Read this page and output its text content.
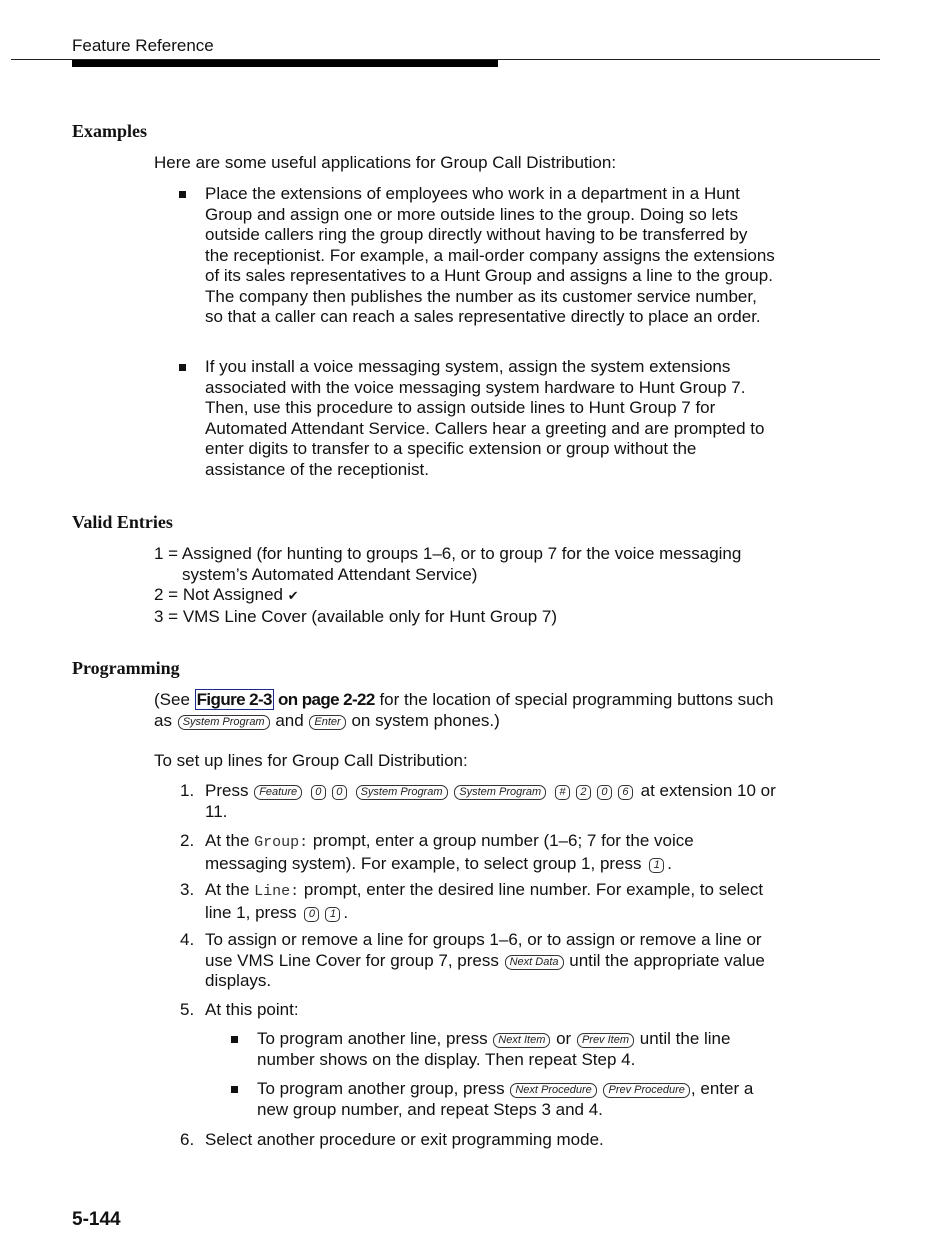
Feature Reference
Examples
Here are some useful applications for Group Call Distribution:
Place the extensions of employees who work in a department in a Hunt Group and assign one or more outside lines to the group. Doing so lets outside callers ring the group directly without having to be transferred by the receptionist. For example, a mail-order company assigns the extensions of its sales representatives to a Hunt Group and assigns a line to the group. The company then publishes the number as its customer service number, so that a caller can reach a sales representative directly to place an order.
If you install a voice messaging system, assign the system extensions associated with the voice messaging system hardware to Hunt Group 7. Then, use this procedure to assign outside lines to Hunt Group 7 for Automated Attendant Service. Callers hear a greeting and are prompted to enter digits to transfer to a specific extension or group without the assistance of the receptionist.
Valid Entries
1 = Assigned (for hunting to groups 1–6, or to group 7 for the voice messaging
system’s Automated Attendant Service)
2 = Not Assigned ✔
3 = VMS Line Cover (available only for Hunt Group 7)
Programming
(See Figure 2-3 on page 2-22 for the location of special programming buttons such as System Program and Enter on system phones.)
To set up lines for Group Call Distribution:
1. Press Feature 0 0 System Program System Program # 2 0 6 at extension 10 or 11.
2. At the Group: prompt, enter a group number (1–6; 7 for the voice messaging system). For example, to select group 1, press 1 .
3. At the Line: prompt, enter the desired line number. For example, to select line 1, press 0 1 .
4. To assign or remove a line for groups 1–6, or to assign or remove a line or use VMS Line Cover for group 7, press Next Data until the appropriate value displays.
5. At this point:
To program another line, press Next Item or Prev Item until the line number shows on the display. Then repeat Step 4.
To program another group, press Next Procedure Prev Procedure , enter a new group number, and repeat Steps 3 and 4.
6. Select another procedure or exit programming mode.
5-144
